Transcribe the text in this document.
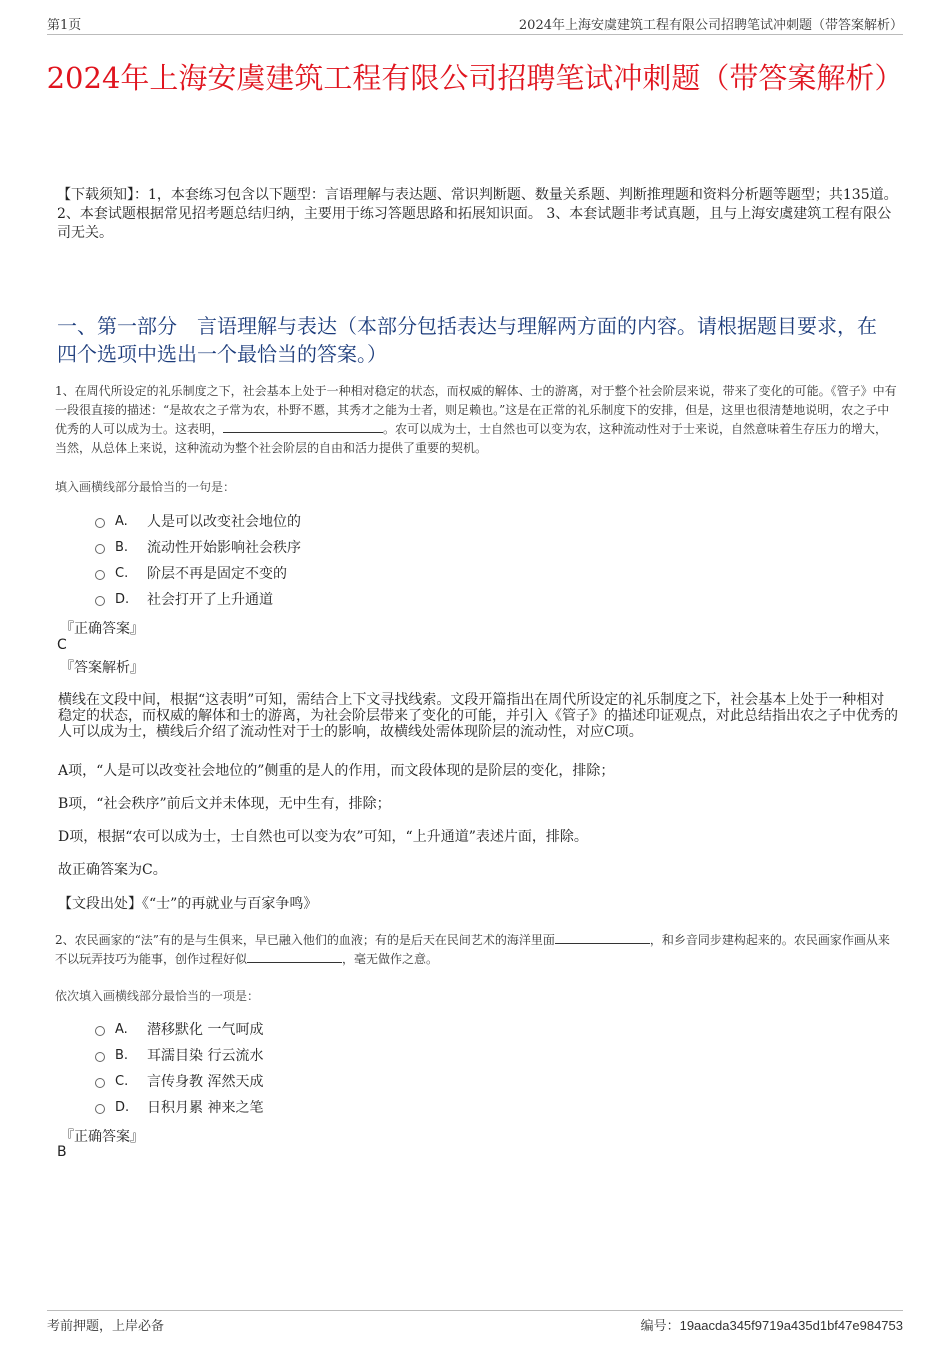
第1页	2024年上海安虞建筑工程有限公司招聘笔试冲刺题（带答案解析）
2024年上海安虞建筑工程有限公司招聘笔试冲刺题（带答案解析）
【下载须知】：1，本套练习包含以下题型：言语理解与表达题、常识判断题、数量关系题、判断推理题和资料分析题等题型；共135道。 2、本套试题根据常见招考题总结归纳，主要用于练习答题思路和拓展知识面。 3、本套试题非考试真题，且与上海安虞建筑工程有限公司无关。
一、第一部分　言语理解与表达（本部分包括表达与理解两方面的内容。请根据题目要求，在四个选项中选出一个最恰当的答案。）
1、在周代所设定的礼乐制度之下，社会基本上处于一种相对稳定的状态，而权威的解体、士的游离，对于整个社会阶层来说，带来了变化的可能。《管子》中有一段很直接的描述：“是故农之子常为农，朴野不慝，其秀才之能为士者，则足赖也。”这是在正常的礼乐制度下的安排，但是，这里也很清楚地说明，农之子中优秀的人可以成为士。这表明，	。农可以成为士，士自然也可以变为农，这种流动性对于士来说，自然意味着生存压力的增大，当然，从总体上来说，这种流动为整个社会阶层的自由和活力提供了重要的契机。
填入画横线部分最恰当的一句是：
A.	人是可以改变社会地位的
B.	流动性开始影响社会秩序
C.	阶层不再是固定不变的
D.	社会打开了上升通道
『正确答案』
C
『答案解析』
横线在文段中间，根据“这表明”可知，需结合上下文寻找线索。文段开篇指出在周代所设定的礼乐制度之下，社会基本上处于一种相对稳定的状态，而权威的解体和士的游离，为社会阶层带来了变化的可能，并引入《管子》的描述印证观点，对此总结指出农之子中优秀的人可以成为士，横线后介绍了流动性对于士的影响，故横线处需体现阶层的流动性，对应C项。
A项，“人是可以改变社会地位的”侧重的是人的作用，而文段体现的是阶层的变化，排除；
B项，“社会秩序”前后文并未体现，无中生有，排除；
D项，根据“农可以成为士，士自然也可以变为农”可知，“上升通道”表述片面，排除。
故正确答案为C。
【文段出处】《“士”的再就业与百家争鸣》
2、农民画家的“法”有的是与生俱来，早已融入他们的血液；有的是后天在民间艺术的海洋里面	，和乡音同步建构起来的。农民画家作画从来不以玩弄技巧为能事，创作过程好似	，毫无做作之意。
依次填入画横线部分最恰当的一项是：
A.	潜移默化 一气呵成
B.	耳濡目染 行云流水
C.	言传身教 浑然天成
D.	日积月累 神来之笔
『正确答案』
B
考前押题，上岸必备	编号：19aacda345f9719a435d1bf47e984753
